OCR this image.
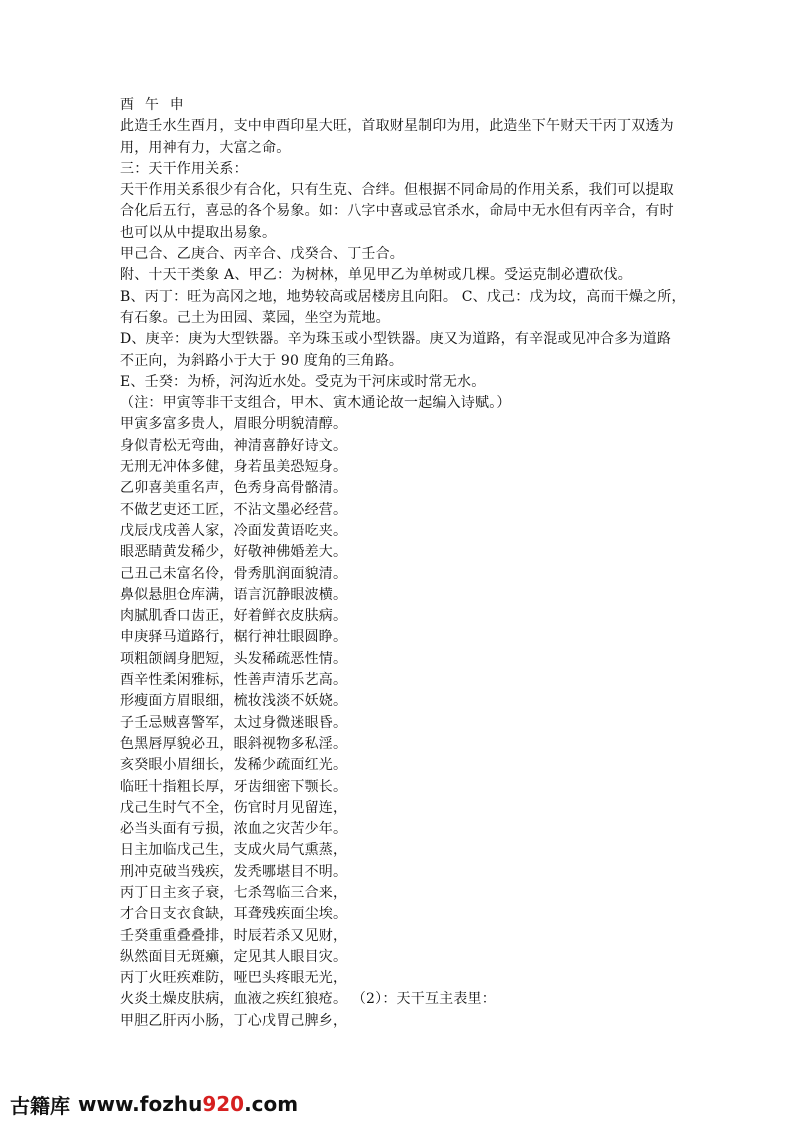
酉 午 申
此造壬水生酉月，支中申酉印星大旺，首取财星制印为用，此造坐下午财天干丙丁双透为
用，用神有力，大富之命。
三：天干作用关系：
天干作用关系很少有合化，只有生克、合绊。但根据不同命局的作用关系，我们可以提取
合化后五行，喜忌的各个易象。如：八字中喜或忌官杀水，命局中无水但有丙辛合，有时
也可以从中提取出易象。
甲己合、乙庚合、丙辛合、戊癸合、丁壬合。
附、十天干类象 A、甲乙：为树林，单见甲乙为单树或几棵。受运克制必遭砍伐。
B、丙丁：旺为高冈之地，地势较高或居楼房且向阳。 C、戊己：戊为坟，高而干燥之所，
有石象。己土为田园、菜园，坐空为荒地。
D、庚辛：庚为大型铁器。辛为珠玉或小型铁器。庚又为道路，有辛混或见冲合多为道路
不正向，为斜路小于大于 90 度角的三角路。
E、壬癸：为桥，河沟近水处。受克为干河床或时常无水。
（注：甲寅等非干支组合，甲木、寅木通论故一起编入诗赋。）
甲寅多富多贵人，眉眼分明貌清醇。
身似青松无弯曲，神清喜静好诗文。
无刑无冲体多健，身若虽美恐短身。
乙卯喜美重名声，色秀身高骨骼清。
不做艺吏还工匠，不沾文墨必经营。
戊辰戊戌善人家，冷面发黄语吃夹。
眼恶睛黄发稀少，好敬神佛婚差大。
己丑己未富名伶，骨秀肌润面貌清。
鼻似悬胆仓库满，语言沉静眼波横。
肉腻肌香口齿正，好着鲜衣皮肤病。
申庚驿马道路行，椐行神壮眼圆睁。
项粗颌阔身肥短，头发稀疏恶性情。
酉辛性柔闲雅标，性善声清乐艺高。
形瘦面方眉眼细，梳妆浅淡不妖娆。
子壬忌贼喜警军，太过身微迷眼昏。
色黑唇厚貌必丑，眼斜视物多私淫。
亥癸眼小眉细长，发稀少疏面红光。
临旺十指粗长厚，牙齿细密下颚长。
戊己生时气不全，伤官时月见留连，
必当头面有亏损，浓血之灾苦少年。
日主加临戊己生，支成火局气熏蒸，
刑冲克破当残疾，发秃哪堪目不明。
丙丁日主亥子衰，七杀驾临三合来，
才合日支衣食缺，耳聋残疾面尘埃。
壬癸重重叠叠排，时辰若杀又见财，
纵然面目无斑癞，定见其人眼目灾。
丙丁火旺疾难防，哑巴头疼眼无光，
火炎土燥皮肤病，血液之疾红狼疮。 （2）：天干互主表里：
甲胆乙肝丙小肠，丁心戊胃己脾乡，
古籍库 www.fozhu920.com
